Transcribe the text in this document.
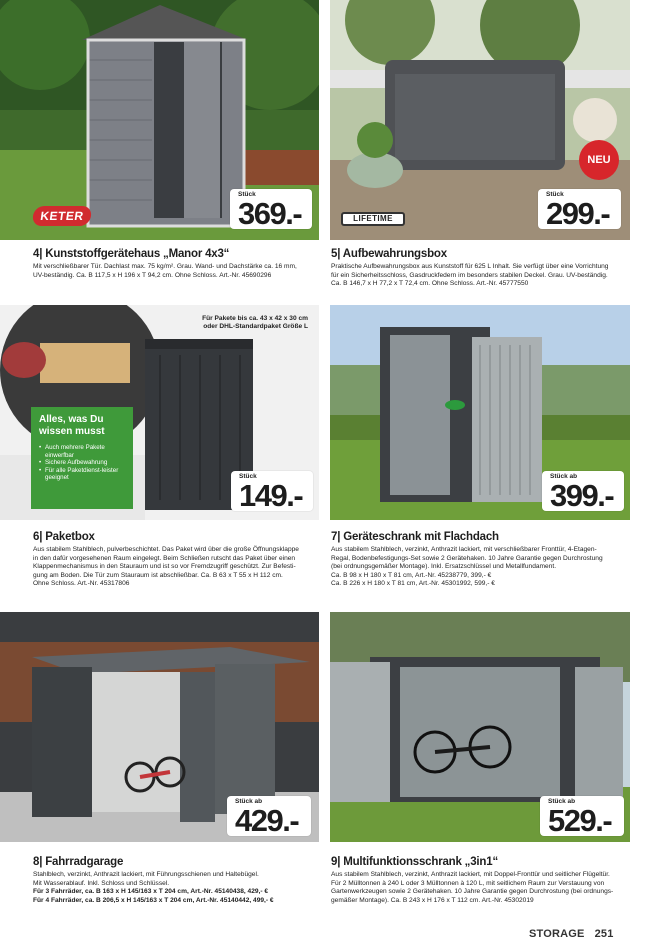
KETER
Stück
369.-
4| Kunststoffgerätehaus „Manor 4x3“
Mit verschließbarer Tür. Dachlast max. 75 kg/m². Grau. Wand- und Dachstärke ca. 16 mm,
UV-beständig. Ca. B 117,5 x H 196 x T 94,2 cm. Ohne Schloss. Art.-Nr. 45690296
NEU
LIFETIME
Stück
299.-
5| Aufbewahrungsbox
Praktische Aufbewahrungsbox aus Kunststoff für 625 L Inhalt. Sie verfügt über eine Vorrichtung
für ein Sicherheitsschloss, Gasdruckfedern im besonders stabilen Deckel. Grau. UV-beständig.
Ca. B 146,7 x H 77,2 x T 72,4 cm. Ohne Schloss. Art.-Nr. 45777550
Für Pakete bis ca. 43 x 42 x 30 cm oder DHL-Standardpaket Größe L
Alles, was Du wissen musst
• Auch mehrere Pakete einwerfbar
• Sichere Aufbewahrung
• Für alle Paketdienst-leister geeignet	Stück
149.-
6| Paketbox
Aus stabilem Stahlblech, pulverbeschichtet. Das Paket wird über die große Öffnungsklappe
in den dafür vorgesehenen Raum eingelegt. Beim Schließen rutscht das Paket über einen
Klappenmechanismus in den Stauraum und ist so vor Fremdzugriff geschützt. Zur Befesti-
gung am Boden. Die Tür zum Stauraum ist abschließbar. Ca. B 63 x T 55 x H 112 cm.
Ohne Schloss. Art.-Nr. 45317806
Stück ab
399.-
7| Geräteschrank mit Flachdach
Aus stabilem Stahlblech, verzinkt, Anthrazit lackiert, mit verschließbarer Fronttür, 4-Etagen-
Regal, Bodenbefestigungs-Set sowie 2 Gerätehaken. 10 Jahre Garantie gegen Durchrostung
(bei ordnungsgemäßer Montage). Inkl. Ersatzschlüssel und Metallfundament.
Ca. B 98 x H 180 x T 81 cm, Art.-Nr. 45238779, 399,- €
Ca. B 226 x H 180 x T 81 cm, Art.-Nr. 45301992, 599,- €
Stück ab
429.-
8| Fahrradgarage
Stahlblech, verzinkt, Anthrazit lackiert, mit Führungsschienen und Haltebügel.
Mit Wasserablauf. Inkl. Schloss und Schlüssel.
Für 3 Fahrräder, ca. B 163 x H 145/163 x T 204 cm, Art.-Nr. 45140438, 429,- €
Für 4 Fahrräder, ca. B 206,5 x H 145/163 x T 204 cm, Art.-Nr. 45140442, 499,- €
Stück ab
529.-
9| Multifunktionsschrank „3in1“
Aus stabilem Stahlblech, verzinkt, Anthrazit lackiert, mit Doppel-Fronttür und seitlicher Flügeltür.
Für 2 Mülltonnen à 240 L oder 3 Mülltonnen à 120 L, mit seitlichem Raum zur Verstauung von
Gartenwerkzeugen sowie 2 Gerätehaken. 10 Jahre Garantie gegen Durchrostung (bei ordnungs-
gemäßer Montage). Ca. B 243 x H 176 x T 112 cm. Art.-Nr. 45302019
STORAGE 251
